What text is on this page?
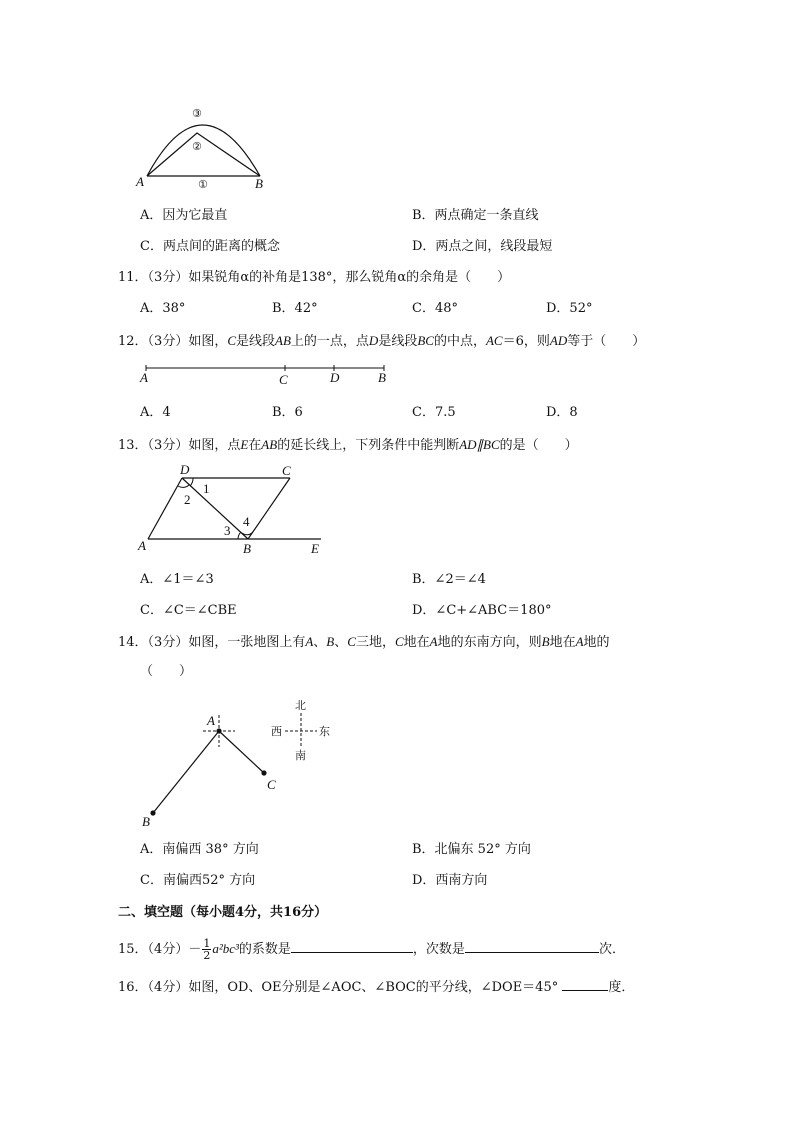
A	B
①
②
③
A．因为它最直	B．两点确定一条直线
C．两点间的距离的概念	D．两点之间，线段最短
11．（3分）如果锐角α的补角是138°，那么锐角α的余角是（　　）
A．38°	B．42°	C．48°	D．52°
12．（3分）如图，C是线段AB上的一点，点D是线段BC的中点，AC＝6，则AD等于（　　）
A	C	D	B
A．4	B．6	C．7.5	D．8
13．（3分）如图，点E在AB的延长线上，下列条件中能判断AD∥BC的是（　　）
D	C
A	B	E
1
2
3
4
A．∠1＝∠3	B．∠2＝∠4
C．∠C＝∠CBE	D．∠C+∠ABC＝180°
14．（3分）如图，一张地图上有A、B、C三地，C地在A地的东南方向，则B地在A地的
（　　）
A
B
C
北
南
西	东
A．南偏西 38° 方向	B．北偏东 52° 方向
C．南偏西52° 方向	D．西南方向
二、填空题（每小题4分，共16分）
15．（4分）－ $\frac{1}{2} a^2bc^3$的系数是	，次数是	次．
16．（4分）如图，OD、OE分别是∠AOC、∠BOC的平分线，∠DOE＝45°	度．
